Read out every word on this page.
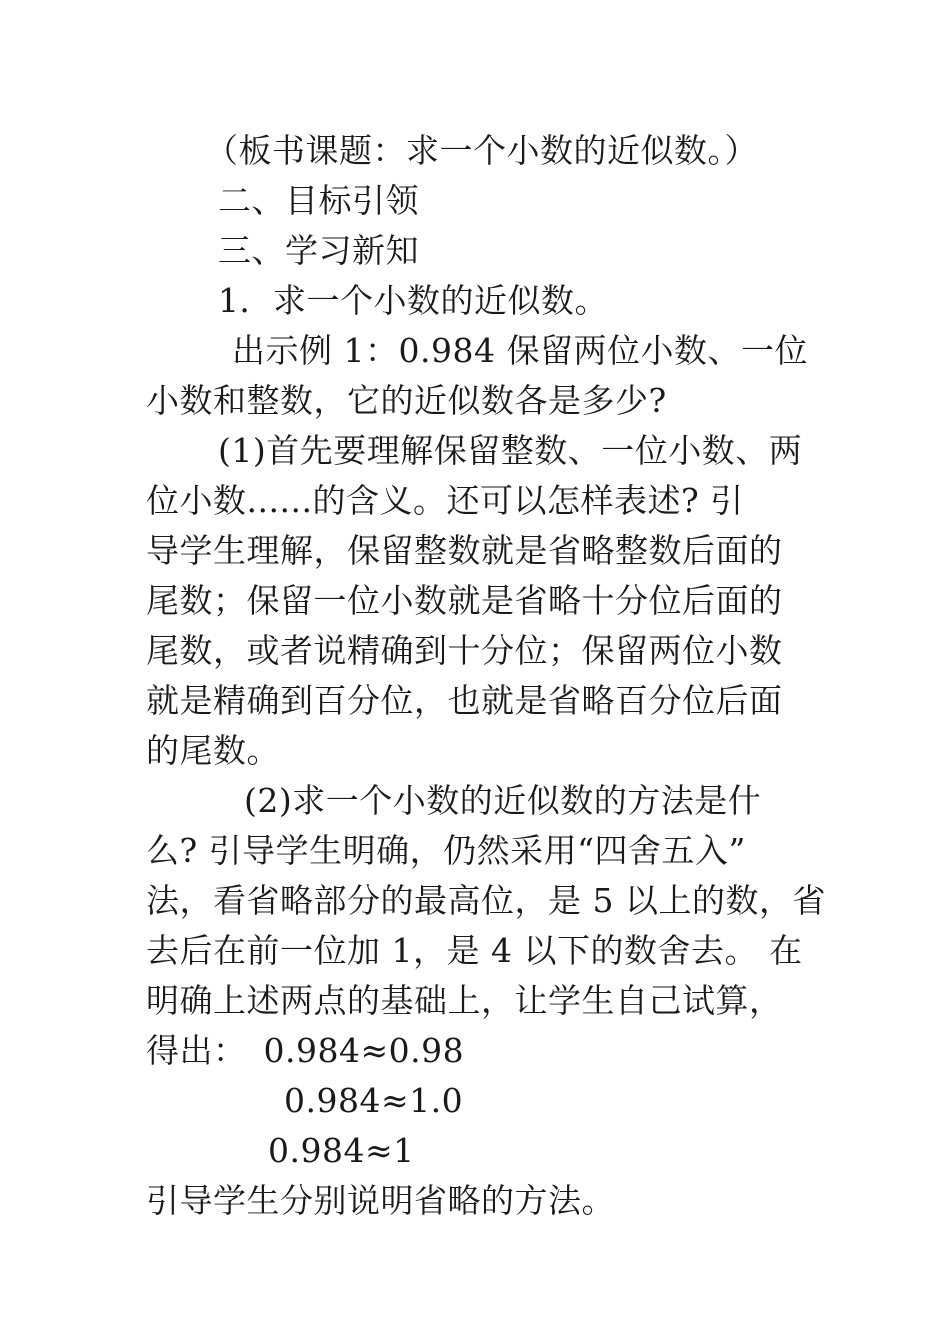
（板书课题：求一个小数的近似数。）
二、目标引领
三、学习新知
1．求一个小数的近似数。
出示例 1：0.984 保留两位小数、一位
小数和整数，它的近似数各是多少?
(1)首先要理解保留整数、一位小数、两
位小数......的含义。还可以怎样表述? 引
导学生理解，保留整数就是省略整数后面的
尾数；保留一位小数就是省略十分位后面的
尾数，或者说精确到十分位；保留两位小数
就是精确到百分位，也就是省略百分位后面
的尾数。
(2)求一个小数的近似数的方法是什
么? 引导学生明确，仍然采用“四舍五入”
法，看省略部分的最高位，是 5 以上的数，省
去后在前一位加 1，是 4 以下的数舍去。 在
明确上述两点的基础上，让学生自己试算，
得出：　0.984≈0.98
0.984≈1.0
0.984≈1
引导学生分别说明省略的方法。
